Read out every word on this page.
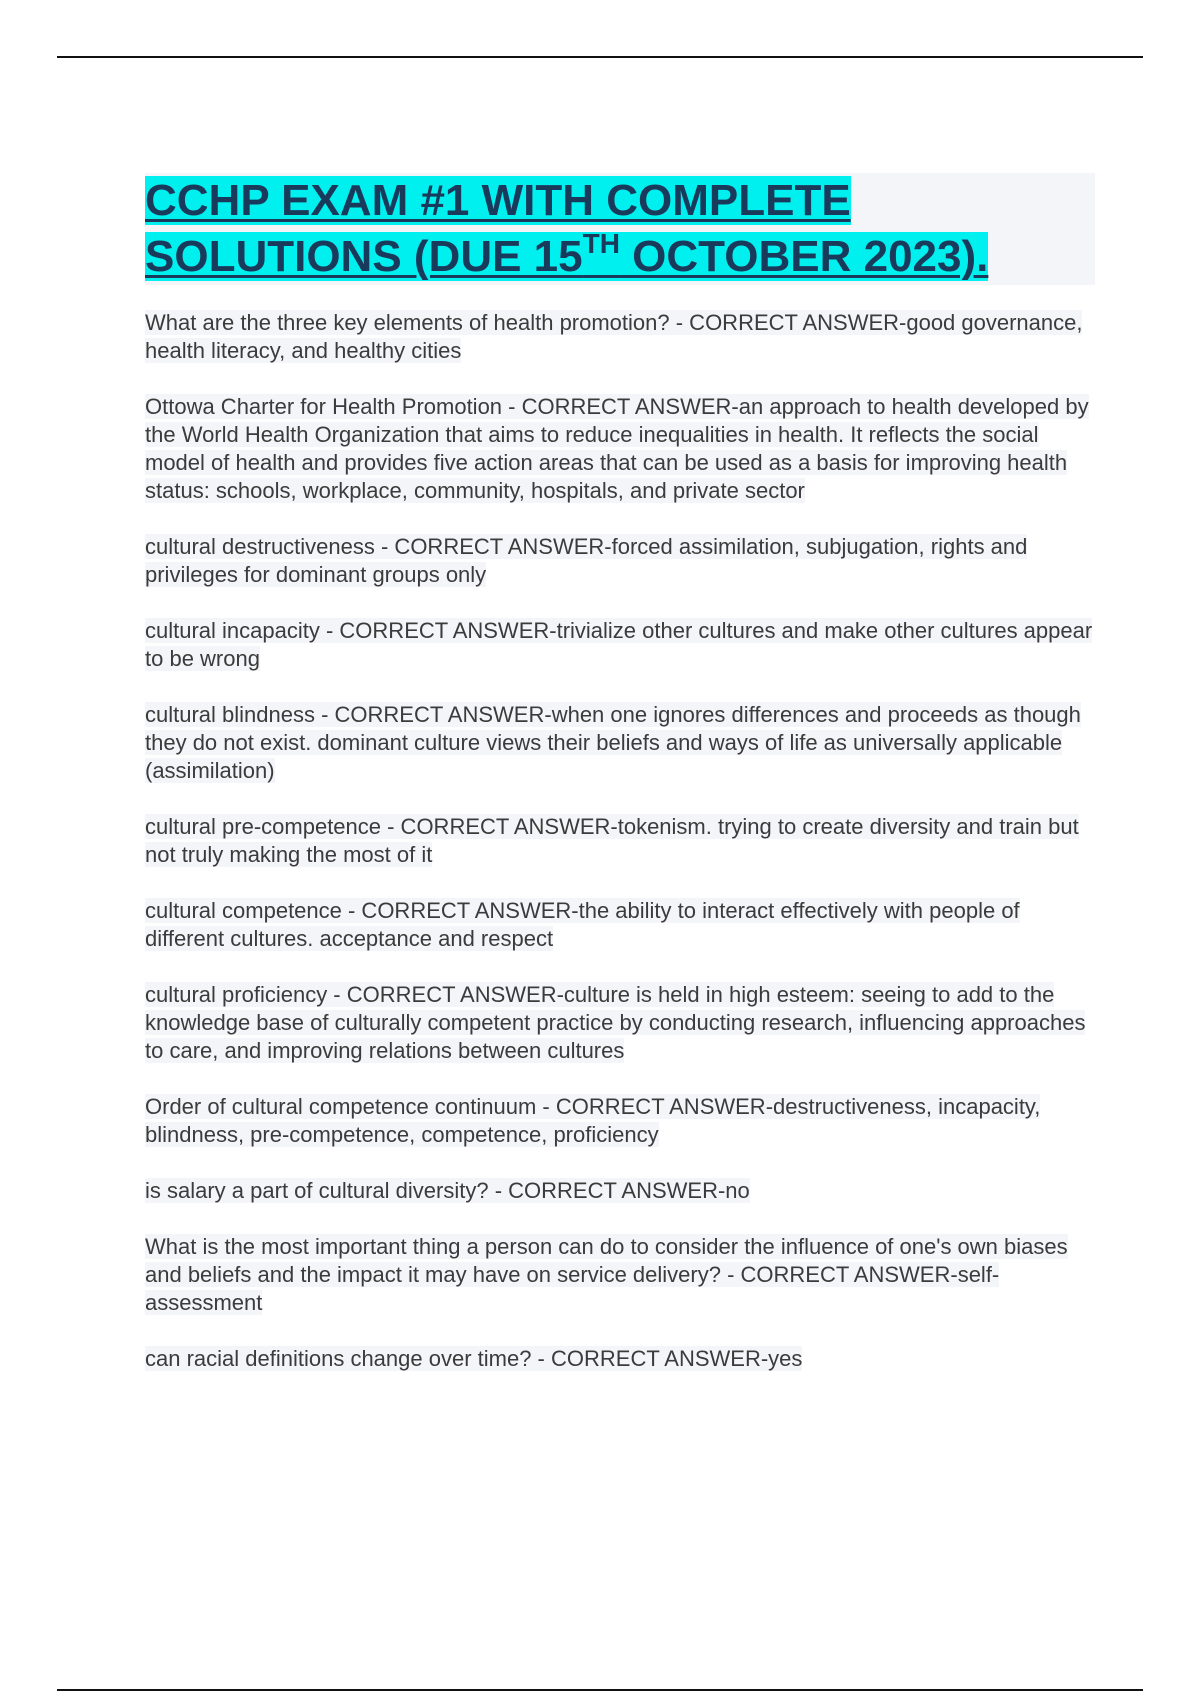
CCHP EXAM #1 WITH COMPLETE
SOLUTIONS (DUE 15TH OCTOBER 2023).
What are the three key elements of health promotion? - CORRECT ANSWER-good governance, health literacy, and healthy cities
Ottowa Charter for Health Promotion - CORRECT ANSWER-an approach to health developed by the World Health Organization that aims to reduce inequalities in health. It reflects the social model of health and provides five action areas that can be used as a basis for improving health status: schools, workplace, community, hospitals, and private sector
cultural destructiveness - CORRECT ANSWER-forced assimilation, subjugation, rights and privileges for dominant groups only
cultural incapacity - CORRECT ANSWER-trivialize other cultures and make other cultures appear to be wrong
cultural blindness - CORRECT ANSWER-when one ignores differences and proceeds as though they do not exist. dominant culture views their beliefs and ways of life as universally applicable (assimilation)
cultural pre-competence - CORRECT ANSWER-tokenism. trying to create diversity and train but not truly making the most of it
cultural competence - CORRECT ANSWER-the ability to interact effectively with people of different cultures. acceptance and respect
cultural proficiency - CORRECT ANSWER-culture is held in high esteem: seeing to add to the knowledge base of culturally competent practice by conducting research, influencing approaches to care, and improving relations between cultures
Order of cultural competence continuum - CORRECT ANSWER-destructiveness, incapacity, blindness, pre-competence, competence, proficiency
is salary a part of cultural diversity? - CORRECT ANSWER-no
What is the most important thing a person can do to consider the influence of one's own biases and beliefs and the impact it may have on service delivery? - CORRECT ANSWER-self-assessment
can racial definitions change over time? - CORRECT ANSWER-yes
